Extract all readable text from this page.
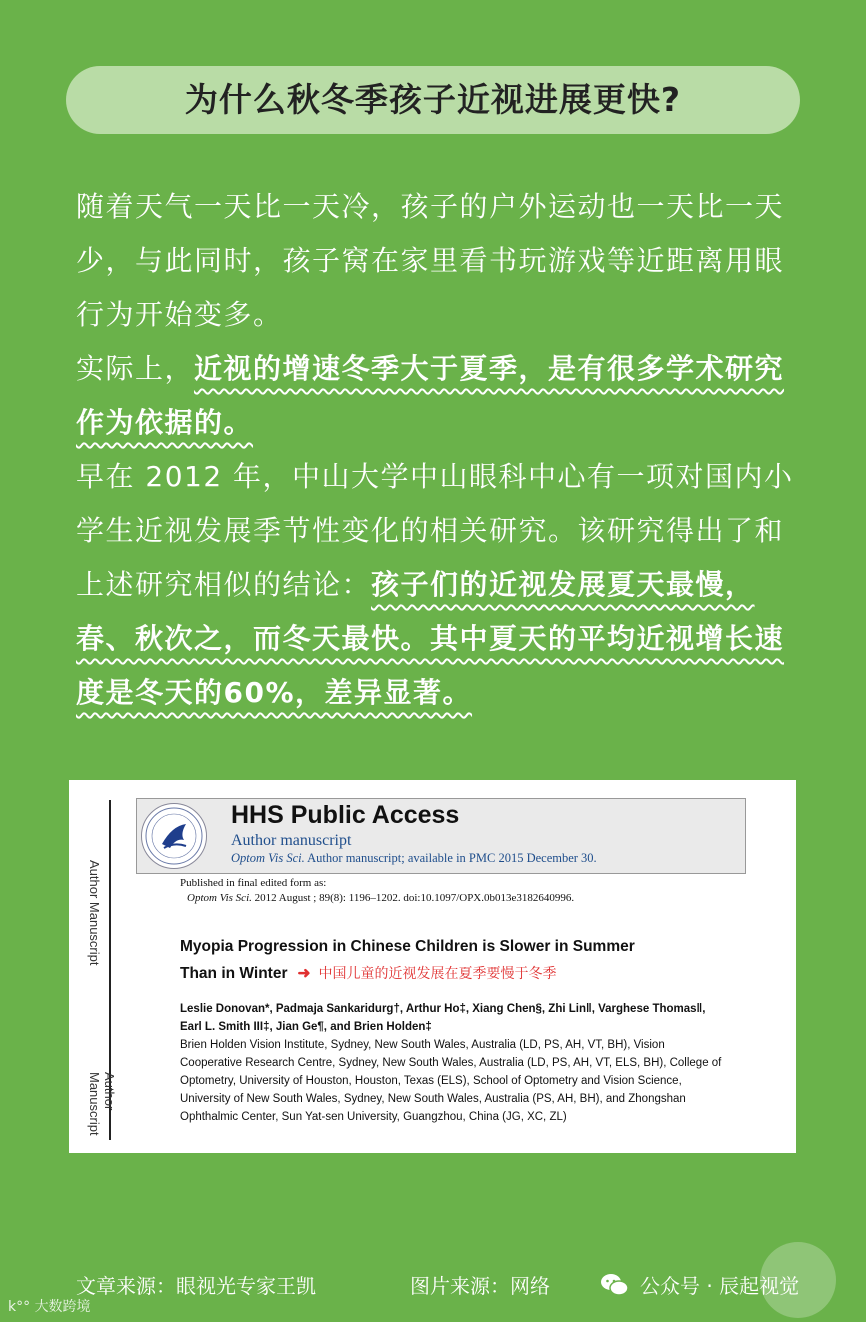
为什么秋冬季孩子近视进展更快?
随着天气一天比一天冷，孩子的户外运动也一天比一天少，与此同时，孩子窝在家里看书玩游戏等近距离用眼行为开始变多。
实际上，近视的增速冬季大于夏季，是有很多学术研究作为依据的。
早在 2012 年，中山大学中山眼科中心有一项对国内小学生近视发展季节性变化的相关研究。该研究得出了和上述研究相似的结论：孩子们的近视发展夏天最慢，春、秋次之，而冬天最快。其中夏天的平均近视增长速度是冬天的60%，差异显著。
Author Manuscript
Author Manuscript
HHS Public Access
Author manuscript
Optom Vis Sci. Author manuscript; available in PMC 2015 December 30.
Published in final edited form as:
Optom Vis Sci. 2012 August ; 89(8): 1196–1202. doi:10.1097/OPX.0b013e3182640996.
Myopia Progression in Chinese Children is Slower in Summer
Than in Winter ➜ 中国儿童的近视发展在夏季要慢于冬季
Leslie Donovan*, Padmaja Sankaridurg†, Arthur Ho‡, Xiang Chen§, Zhi Lin‖, Varghese Thomas‖, Earl L. Smith III‡, Jian Ge¶, and Brien Holden‡
Brien Holden Vision Institute, Sydney, New South Wales, Australia (LD, PS, AH, VT, BH), Vision Cooperative Research Centre, Sydney, New South Wales, Australia (LD, PS, AH, VT, ELS, BH), College of Optometry, University of Houston, Houston, Texas (ELS), School of Optometry and Vision Science, University of New South Wales, Sydney, New South Wales, Australia (PS, AH, BH), and Zhongshan Ophthalmic Center, Sun Yat-sen University, Guangzhou, China (JG, XC, ZL)
文章来源：眼视光专家王凯	图片来源：网络	公众号 · 辰起视觉
k°° 大数跨境
